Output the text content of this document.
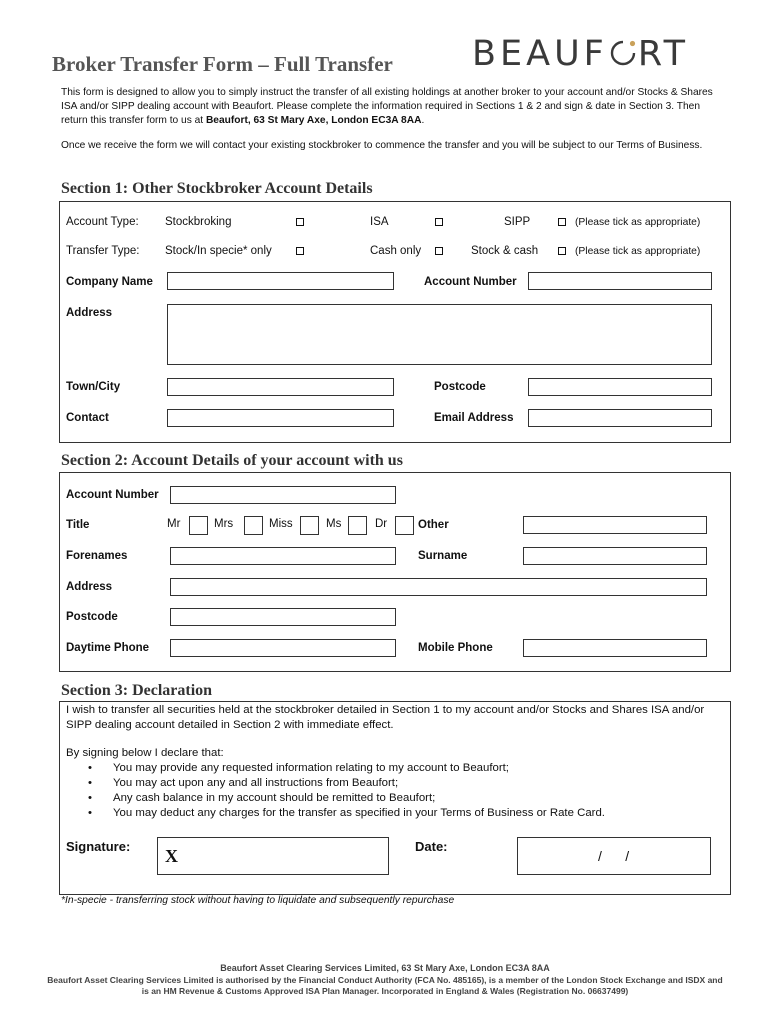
Broker Transfer Form – Full Transfer BEAUF RT
This form is designed to allow you to simply instruct the transfer of all existing holdings at another broker to your account and/or Stocks & Shares ISA and/or SIPP dealing account with Beaufort. Please complete the information required in Sections 1 & 2 and sign & date in Section 3. Then return this transfer form to us at Beaufort, 63 St Mary Axe, London EC3A 8AA.
Once we receive the form we will contact your existing stockbroker to commence the transfer and you will be subject to our Terms of Business.
Section 1: Other Stockbroker Account Details
Account Type: Stockbroking	ISA	SIPP	(Please tick as appropriate)
Transfer Type: Stock/In specie* only	Cash only	Stock & cash	(Please tick as appropriate)
Company Name	Account Number
Address
Town/City	Postcode
Contact	Email Address
Section 2: Account Details of your account with us
Account Number
Title	Mr	Mrs	Miss	Ms	Dr	Other
Forenames	Surname
Address
Postcode
Daytime Phone	Mobile Phone
Section 3: Declaration
I wish to transfer all securities held at the stockbroker detailed in Section 1 to my account and/or Stocks and Shares ISA and/or SIPP dealing account detailed in Section 2 with immediate effect.
By signing below I declare that:
• You may provide any requested information relating to my account to Beaufort;
• You may act upon any and all instructions from Beaufort;
• Any cash balance in my account should be remitted to Beaufort;
• You may deduct any charges for the transfer as specified in your Terms of Business or Rate Card.
Signature: X	Date:
/      /
*In-specie - transferring stock without having to liquidate and subsequently repurchase
Beaufort Asset Clearing Services Limited, 63 St Mary Axe, London EC3A 8AA
Beaufort Asset Clearing Services Limited is authorised by the Financial Conduct Authority (FCA No. 485165), is a member of the London Stock Exchange and ISDX and
is an HM Revenue & Customs Approved ISA Plan Manager. Incorporated in England & Wales (Registration No. 06637499)
